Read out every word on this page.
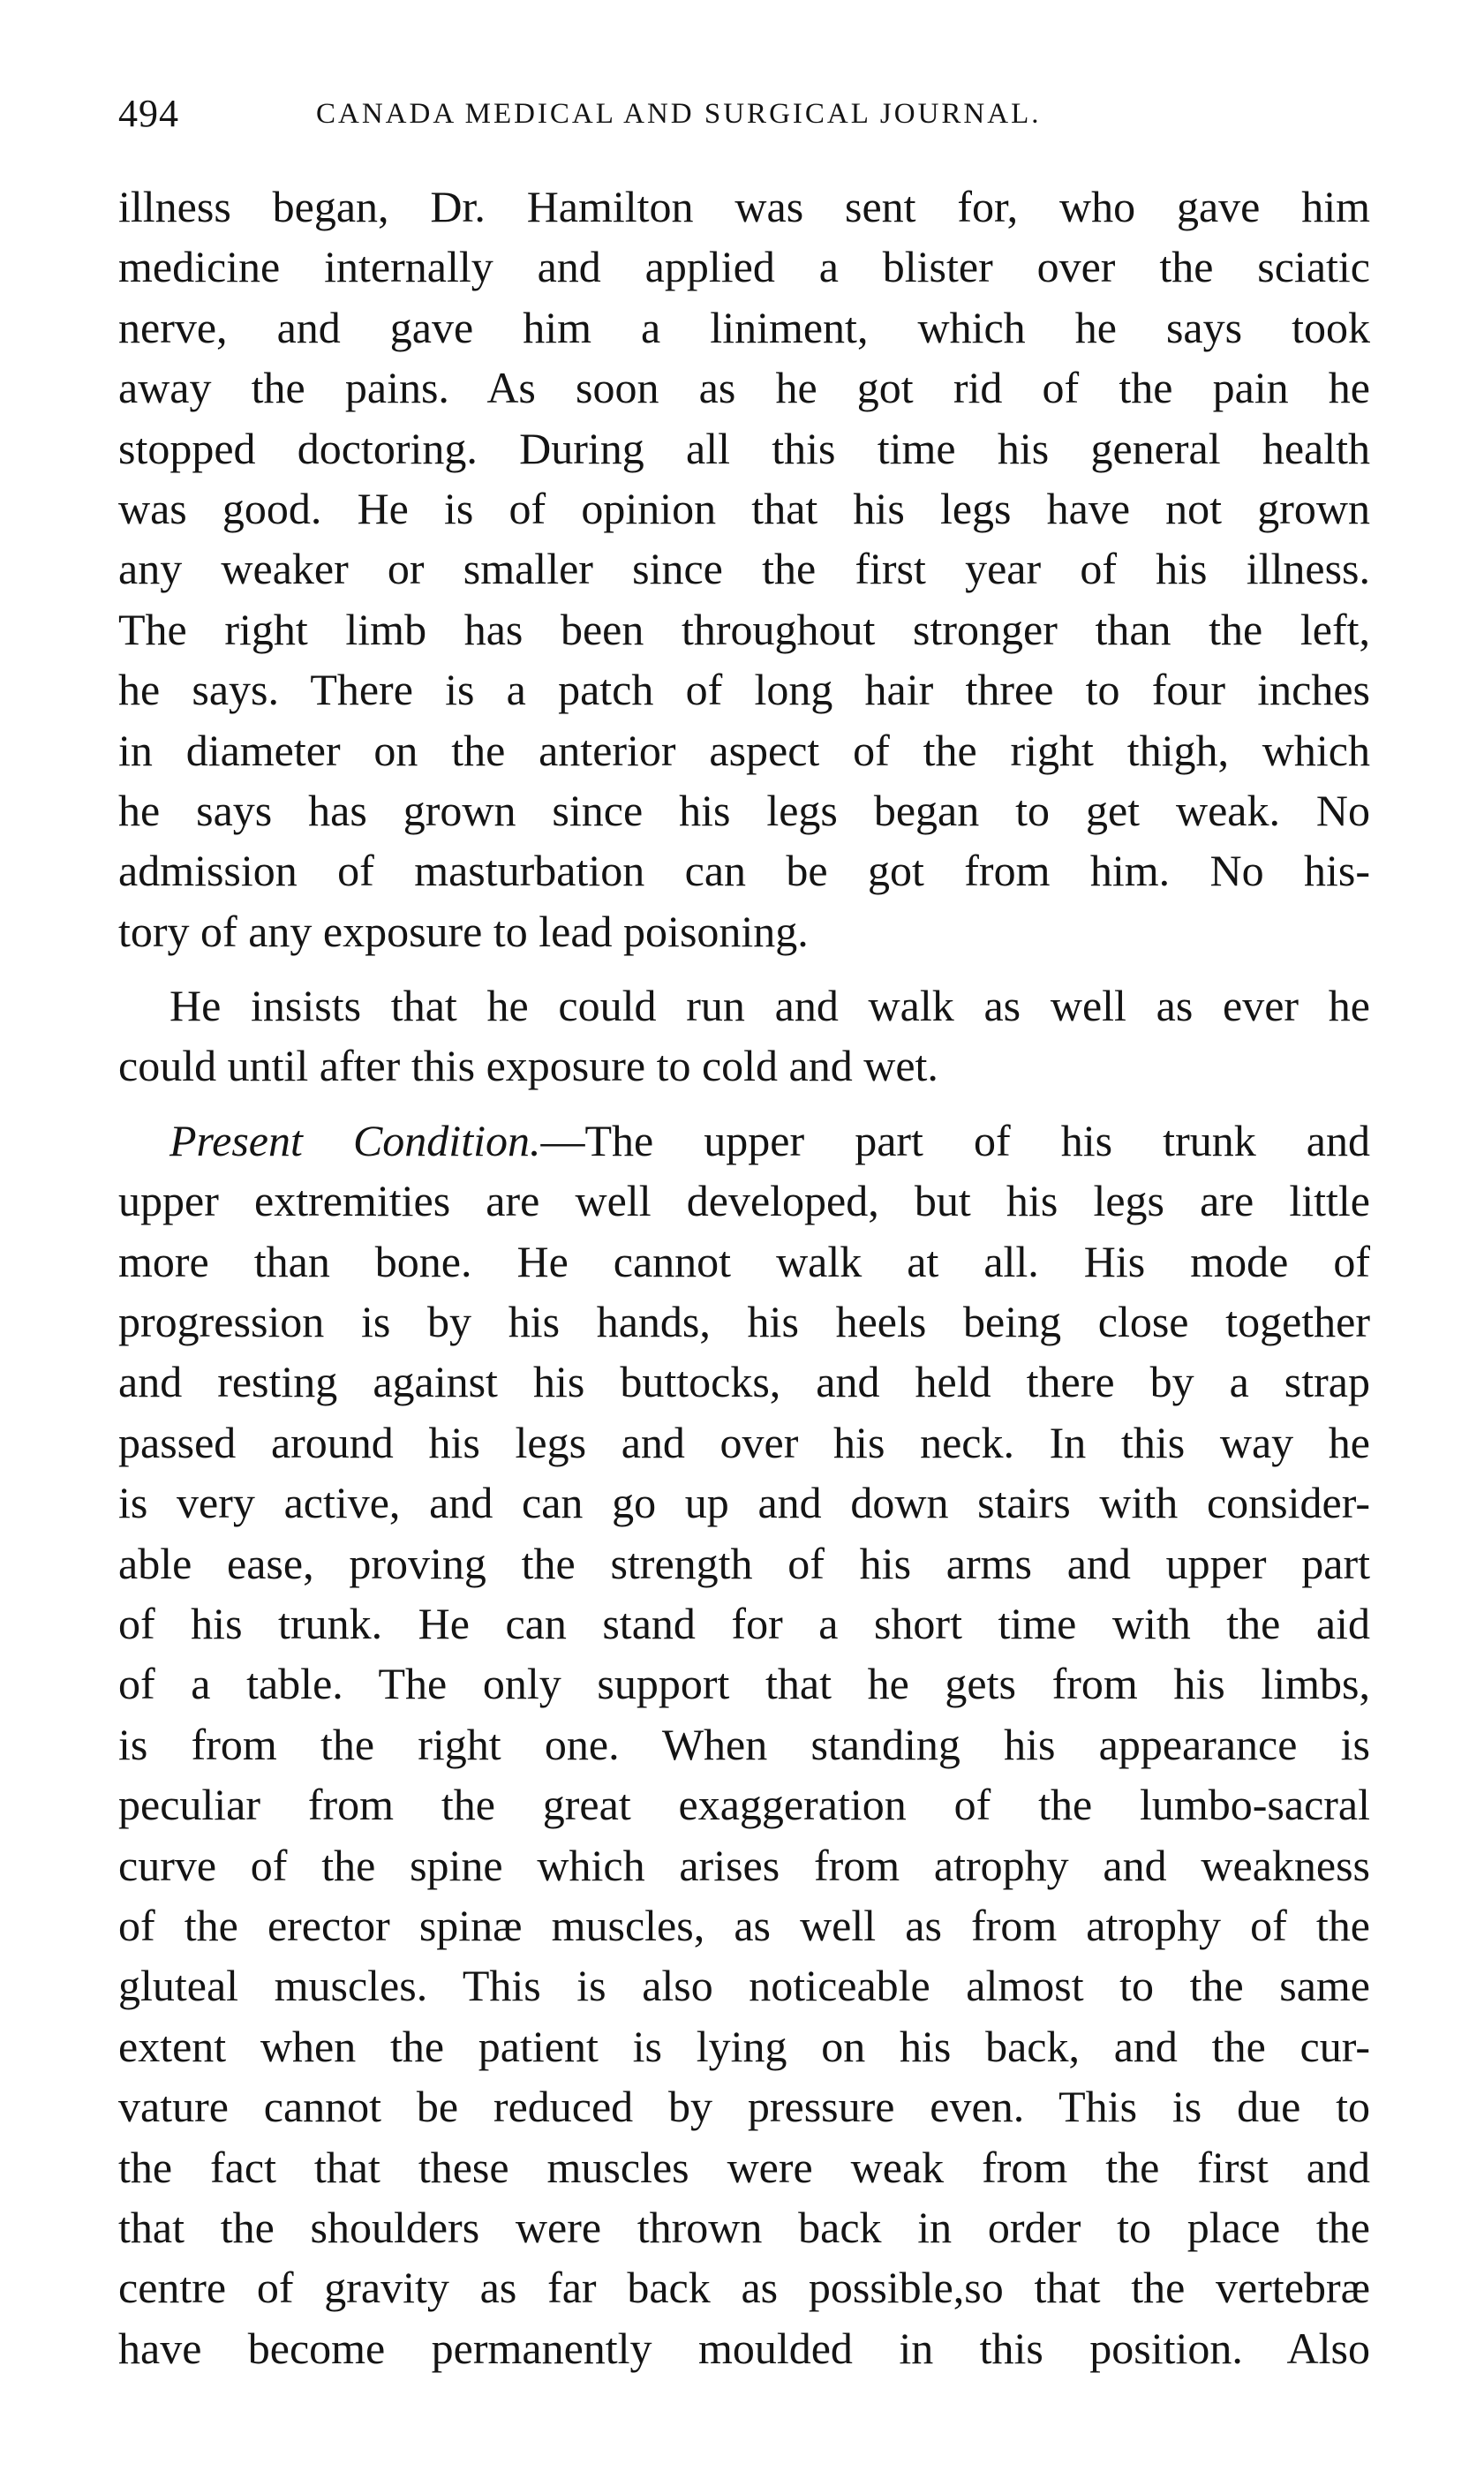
494	CANADA MEDICAL AND SURGICAL JOURNAL.
illness began, Dr. Hamilton was sent for, who gave him
medicine internally and applied a blister over the sciatic
nerve, and gave him a liniment, which he says took
away the pains. As soon as he got rid of the pain he
stopped doctoring. During all this time his general health
was good. He is of opinion that his legs have not grown
any weaker or smaller since the first year of his illness.
The right limb has been throughout stronger than the left,
he says. There is a patch of long hair three to four inches
in diameter on the anterior aspect of the right thigh, which
he says has grown since his legs began to get weak. No
admission of masturbation can be got from him. No his-
tory of any exposure to lead poisoning.
He insists that he could run and walk as well as ever he
could until after this exposure to cold and wet.
Present Condition.—The upper part of his trunk and
upper extremities are well developed, but his legs are little
more than bone. He cannot walk at all. His mode of
progression is by his hands, his heels being close together
and resting against his buttocks, and held there by a strap
passed around his legs and over his neck. In this way he
is very active, and can go up and down stairs with consider-
able ease, proving the strength of his arms and upper part
of his trunk. He can stand for a short time with the aid
of a table. The only support that he gets from his limbs,
is from the right one. When standing his appearance is
peculiar from the great exaggeration of the lumbo-sacral
curve of the spine which arises from atrophy and weakness
of the erector spinæ muscles, as well as from atrophy of the
gluteal muscles. This is also noticeable almost to the same
extent when the patient is lying on his back, and the cur-
vature cannot be reduced by pressure even. This is due to
the fact that these muscles were weak from the first and
that the shoulders were thrown back in order to place the
centre of gravity as far back as possible,so that the vertebræ
have become permanently moulded in this position. Also
